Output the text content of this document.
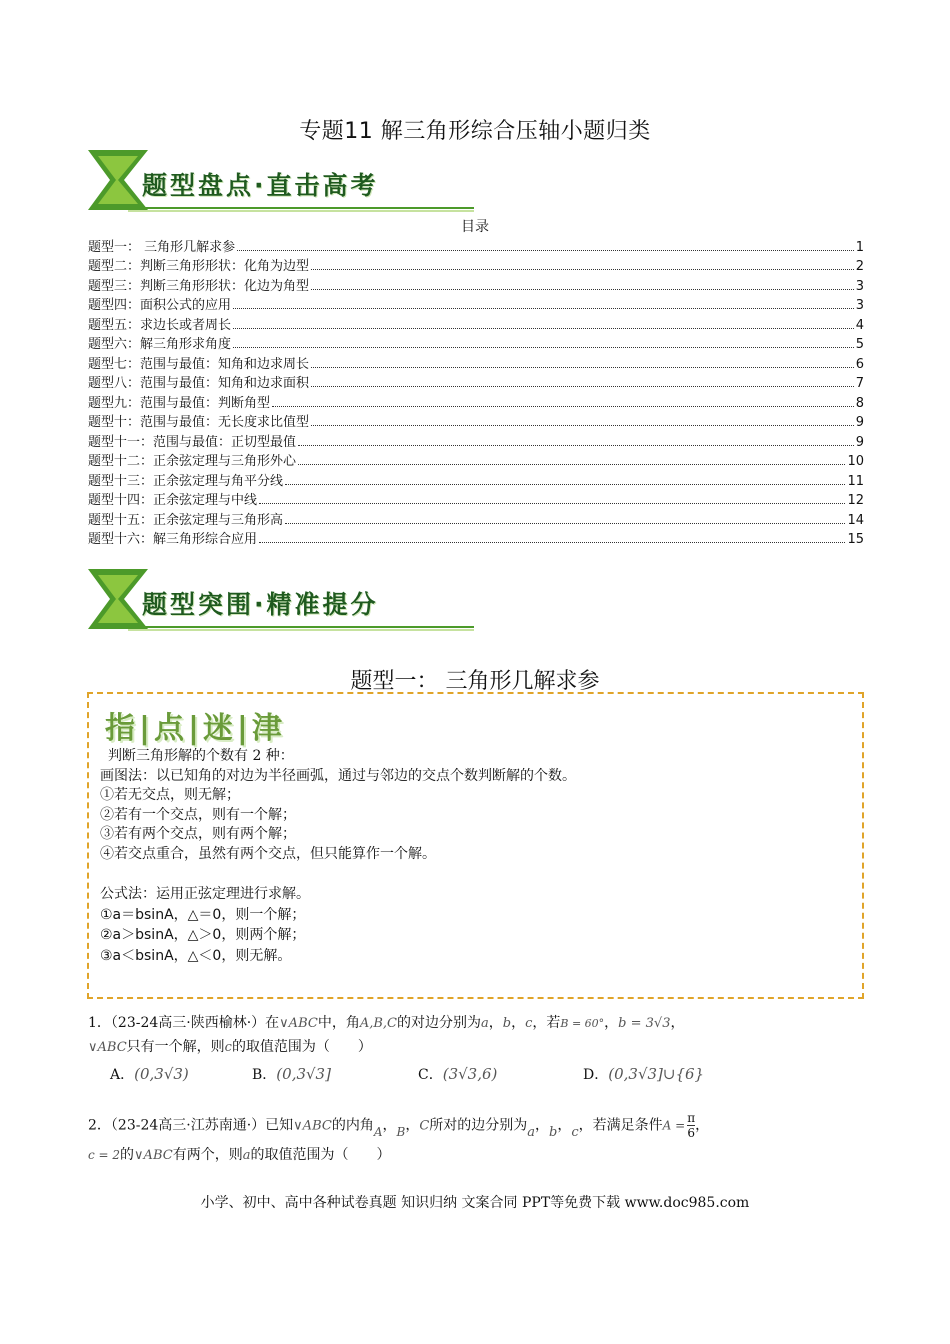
专题11 解三角形综合压轴小题归类
题型盘点·直击高考
目录
题型一： 三角形几解求参	1
题型二：判断三角形形状：化角为边型	2
题型三：判断三角形形状：化边为角型	3
题型四：面积公式的应用	3
题型五：求边长或者周长	4
题型六：解三角形求角度	5
题型七：范围与最值：知角和边求周长	6
题型八：范围与最值：知角和边求面积	7
题型九：范围与最值：判断角型	8
题型十：范围与最值：无长度求比值型	9
题型十一：范围与最值：正切型最值	9
题型十二：正余弦定理与三角形外心	10
题型十三：正余弦定理与角平分线	11
题型十四：正余弦定理与中线	12
题型十五：正余弦定理与三角形高	14
题型十六：解三角形综合应用	15
题型突围·精准提分
题型一： 三角形几解求参
指|点|迷|津
判断三角形解的个数有 2 种：
画图法：以已知角的对边为半径画弧，通过与邻边的交点个数判断解的个数。
①若无交点，则无解；
②若有一个交点，则有一个解；
③若有两个交点，则有两个解；
④若交点重合，虽然有两个交点，但只能算作一个解。
公式法：运用正弦定理进行求解。
①a＝bsinA，△＝0，则一个解；
②a＞bsinA，△＞0，则两个解；
③a＜bsinA，△＜0，则无解。
1．（23-24高三·陕西榆林·）在∨ABC中，角A,B,C的对边分别为a，b，c，若B = 60°，b = 3√3，
∨ABC只有一个解，则c的取值范围为（　　）
A．(0,3√3)	B．(0,3√3]	C．(3√3,6)	D．(0,3√3]∪{6}
2．（23-24高三·江苏南通·）已知∨ABC的内角A，B，C所对的边分别为a，b，c，若满足条件$A = \frac{\pi}{6}$ ，
c = 2的∨ABC有两个，则a的取值范围为（　　）
小学、初中、高中各种试卷真题 知识归纳 文案合同 PPT等免费下载 www.doc985.com
